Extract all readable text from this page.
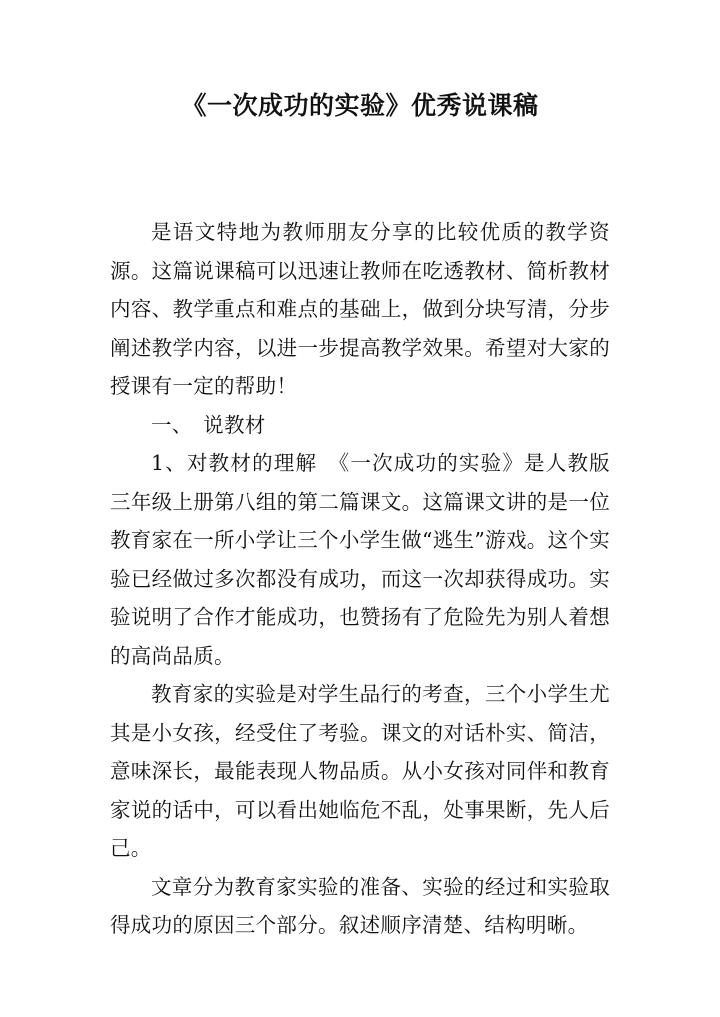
《一次成功的实验》优秀说课稿

是语文特地为教师朋友分享的比较优质的教学资源。这篇说课稿可以迅速让教师在吃透教材、简析教材内容、教学重点和难点的基础上，做到分块写清，分步阐述教学内容，以进一步提高教学效果。希望对大家的授课有一定的帮助！

一、　说教材

1、对教材的理解　《一次成功的实验》是人教版三年级上册第八组的第二篇课文。这篇课文讲的是一位教育家在一所小学让三个小学生做“逃生”游戏。这个实验已经做过多次都没有成功，而这一次却获得成功。实验说明了合作才能成功，也赞扬有了危险先为别人着想的高尚品质。

教育家的实验是对学生品行的考查，三个小学生尤其是小女孩，经受住了考验。课文的对话朴实、简洁，意味深长，最能表现人物品质。从小女孩对同伴和教育家说的话中，可以看出她临危不乱，处事果断，先人后己。

文章分为教育家实验的准备、实验的经过和实验取得成功的原因三个部分。叙述顺序清楚、结构明晰。
